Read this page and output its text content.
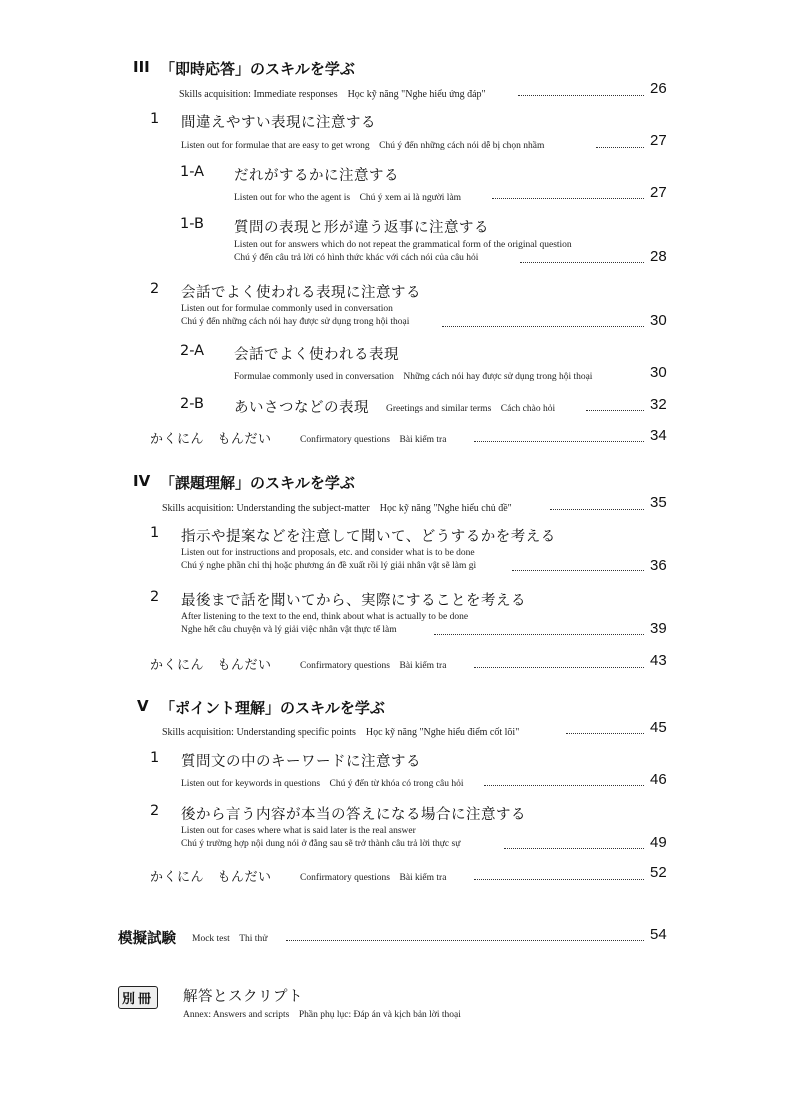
III 「即時応答」のスキルを学ぶ
Skills acquisition: Immediate responses　Học kỹ năng "Nghe hiểu ứng đáp"	26
1 間違えやすい表現に注意する
Listen out for formulae that are easy to get wrong　Chú ý đến những cách nói dễ bị chọn nhầm	27
1-A だれがするかに注意する
Listen out for who the agent is　Chú ý xem ai là người làm	27
1-B 質問の表現と形が違う返事に注意する
Listen out for answers which do not repeat the grammatical form of the original question
Chú ý đến câu trả lời có hình thức khác với cách nói của câu hỏi	28
2 会話でよく使われる表現に注意する
Listen out for formulae commonly used in conversation
Chú ý đến những cách nói hay được sử dụng trong hội thoại	30
2-A 会話でよく使われる表現
Formulae commonly used in conversation　Những cách nói hay được sử dụng trong hội thoại	30
2-B あいさつなどの表現 Greetings and similar terms　Cách chào hỏi	32
かくにん　もんだい	Confirmatory questions　Bài kiểm tra	34
IV 「課題理解」のスキルを学ぶ
Skills acquisition: Understanding the subject-matter　Học kỹ năng "Nghe hiểu chủ đề"	35
1 指示や提案などを注意して聞いて、どうするかを考える
Listen out for instructions and proposals, etc. and consider what is to be done
Chú ý nghe phần chỉ thị hoặc phương án đề xuất rồi lý giải nhân vật sẽ làm gì	36
2 最後まで話を聞いてから、実際にすることを考える
After listening to the text to the end, think about what is actually to be done
Nghe hết câu chuyện và lý giải việc nhân vật thực tế làm	39
かくにん　もんだい	Confirmatory questions　Bài kiểm tra	43
V 「ポイント理解」のスキルを学ぶ
Skills acquisition: Understanding specific points　Học kỹ năng "Nghe hiểu điểm cốt lõi"	45
1 質問文の中のキーワードに注意する
Listen out for keywords in questions　Chú ý đến từ khóa có trong câu hỏi	46
2 後から言う内容が本当の答えになる場合に注意する
Listen out for cases where what is said later is the real answer
Chú ý trường hợp nội dung nói ở đằng sau sẽ trở thành câu trả lời thực sự	49
かくにん　もんだい	Confirmatory questions　Bài kiểm tra	52
模擬試験 Mock test　Thi thử	54
別冊 解答とスクリプト
Annex: Answers and scripts　Phần phụ lục: Đáp án và kịch bản lời thoại
